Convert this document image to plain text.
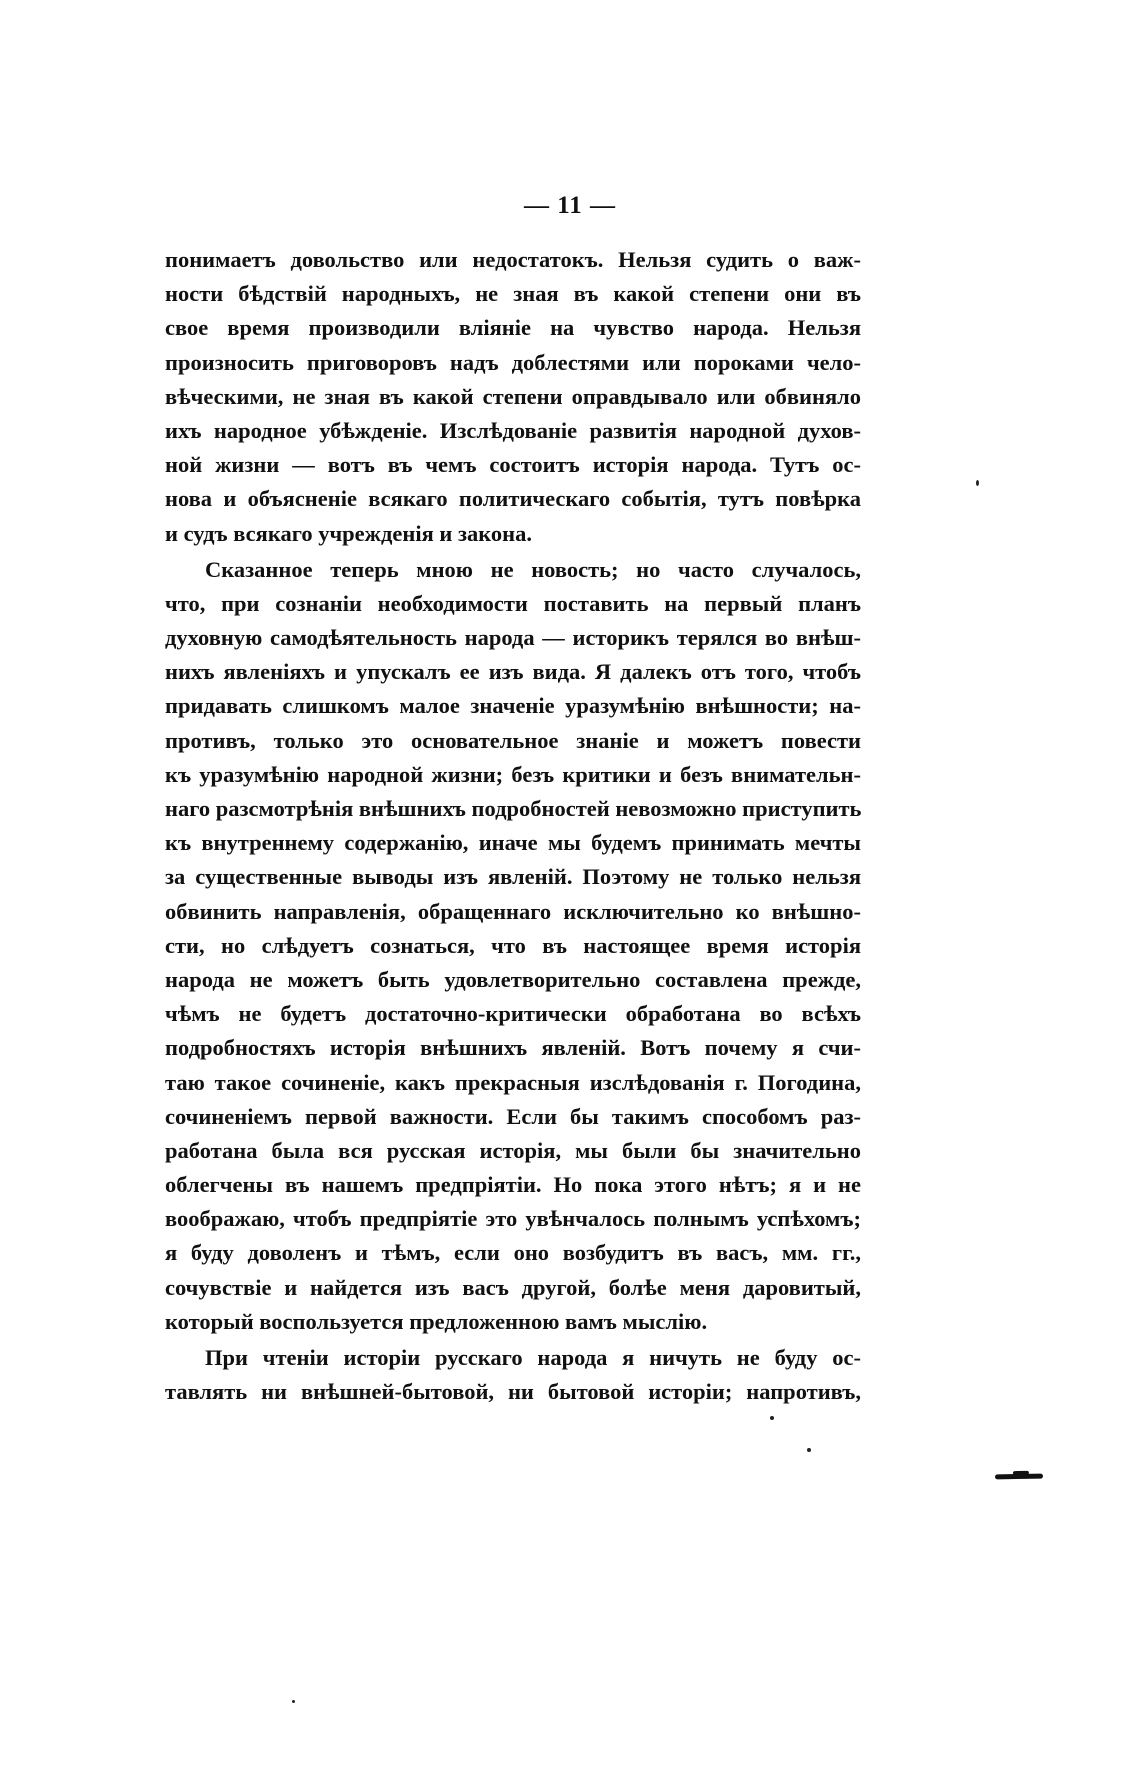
— 11 —
понимаетъ довольство или недостатокъ. Нельзя судить о важ-
ности бѣдствій народныхъ, не зная въ какой степени они въ
свое время производили вліяніе на чувство народа. Нельзя
произносить приговоровъ надъ доблестями или пороками чело-
вѣческими, не зная въ какой степени оправдывало или обвиняло
ихъ народное убѣжденіе. Изслѣдованіе развитія народной духов-
ной жизни — вотъ въ чемъ состоитъ исторія народа. Тутъ ос-
нова и объясненіе всякаго политическаго событія, тутъ повѣрка
и судъ всякаго учрежденія и закона.
Сказанное теперь мною не новость; но часто случалось,
что, при сознаніи необходимости поставить на первый планъ
духовную самодѣятельность народа — историкъ терялся во внѣш-
нихъ явленіяхъ и упускалъ ее изъ вида. Я далекъ отъ того, чтобъ
придавать слишкомъ малое значеніе уразумѣнію внѣшности; на-
противъ, только это основательное знаніе и можетъ повести
къ уразумѣнію народной жизни; безъ критики и безъ внимательн-
наго разсмотрѣнія внѣшнихъ подробностей невозможно приступить
къ внутреннему содержанію, иначе мы будемъ принимать мечты
за существенные выводы изъ явленій. Поэтому не только нельзя
обвинить направленія, обращеннаго исключительно ко внѣшно-
сти, но слѣдуетъ сознаться, что въ настоящее время исторія
народа не можетъ быть удовлетворительно составлена прежде,
чѣмъ не будетъ достаточно-критически обработана во всѣхъ
подробностяхъ исторія внѣшнихъ явленій. Вотъ почему я счи-
таю такое сочиненіе, какъ прекрасныя изслѣдованія г. Погодина,
сочиненіемъ первой важности. Если бы такимъ способомъ раз-
работана была вся русская исторія, мы были бы значительно
облегчены въ нашемъ предпріятіи. Но пока этого нѣтъ; я и не
воображаю, чтобъ предпріятіе это увѣнчалось полнымъ успѣхомъ;
я буду доволенъ и тѣмъ, если оно возбудитъ въ васъ, мм. гг.,
сочувствіе и найдется изъ васъ другой, болѣе меня даровитый,
который воспользуется предложенною вамъ мыслію.
При чтеніи исторіи русскаго народа я ничуть не буду ос-
тавлять ни внѣшней-бытовой, ни бытовой исторіи; напротивъ,
